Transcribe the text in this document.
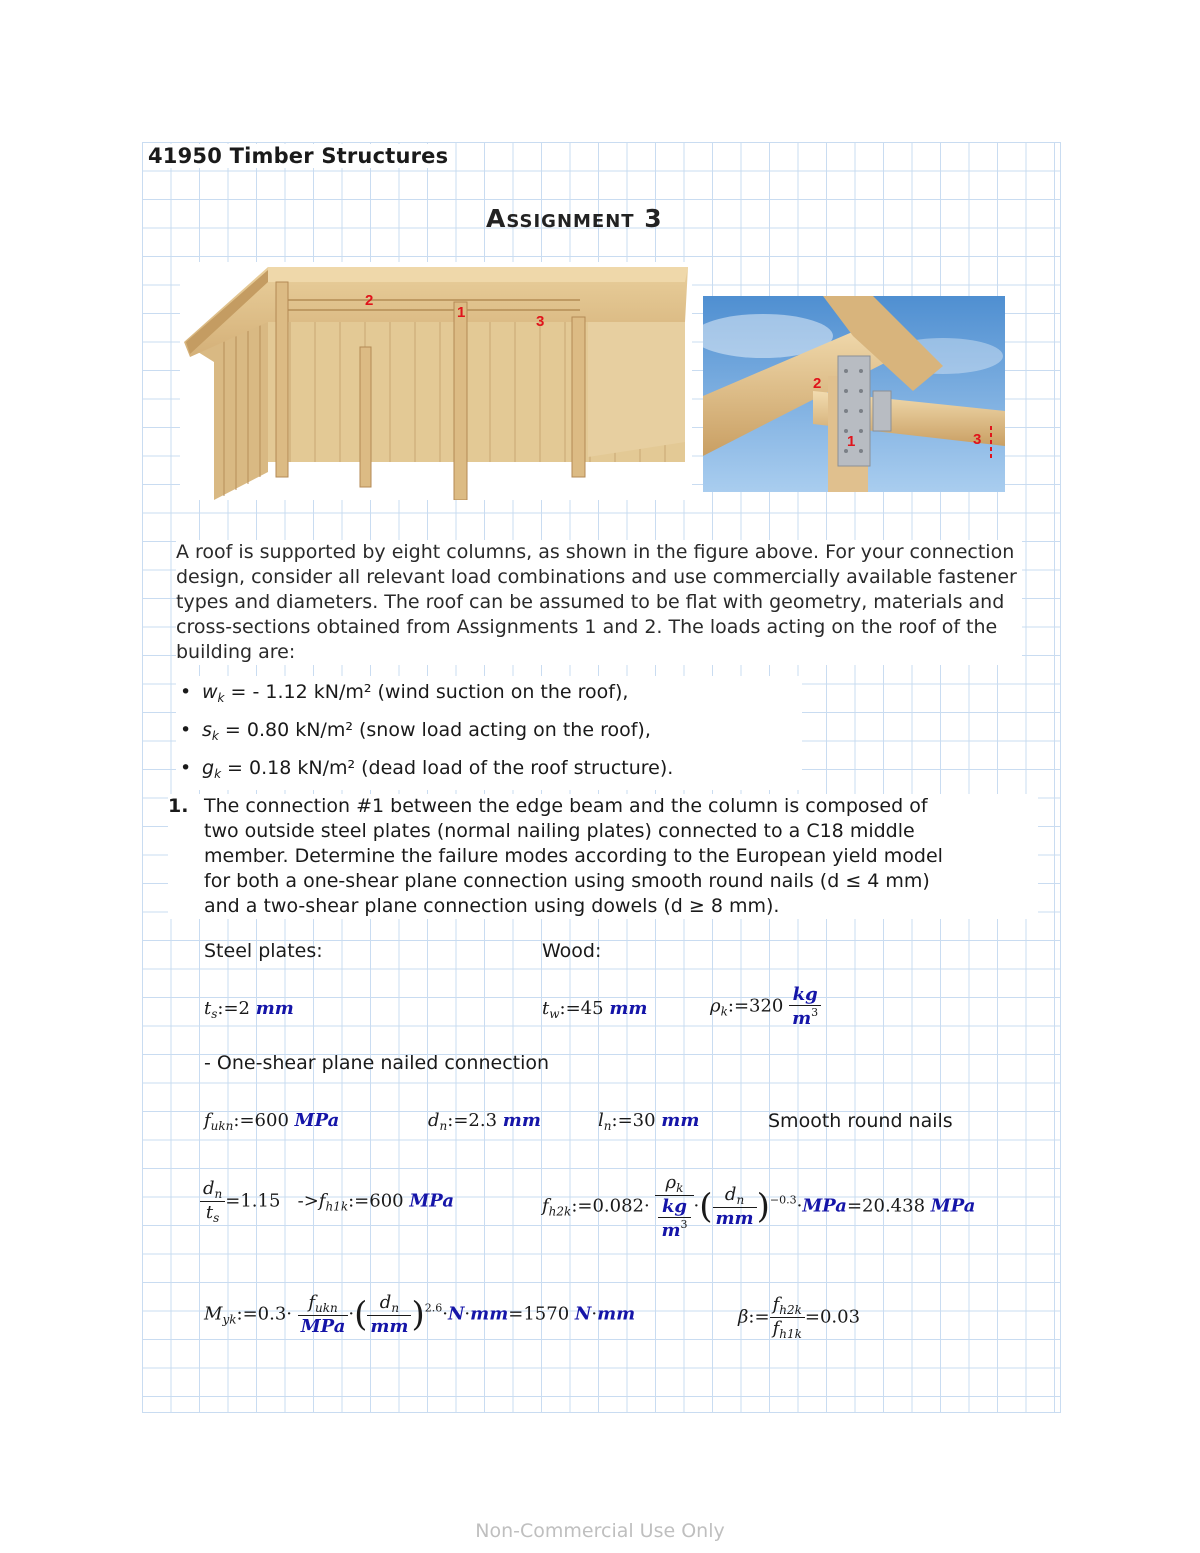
41950 Timber Structures
Assignment 3
2
1
3
2
1	3
A roof is supported by eight columns, as shown in the figure above. For your connection design, consider all relevant load combinations and use commercially available fastener types and diameters. The roof can be assumed to be flat with geometry, materials and cross-sections obtained from Assignments 1 and 2. The loads acting on the roof of the building are:
• $w_k$ = - 1.12 kN/m² (wind suction on the roof),
• $s_k = 0.80$ kN/m² (snow load acting on the roof),
• $g_k = 0.18$ kN/m² (dead load of the roof structure).
1. The connection #1 between the edge beam and the column is composed of
two outside steel plates (normal nailing plates) connected to a C18 middle
member. Determine the failure modes according to the European yield model
for both a one-shear plane connection using smooth round nails (d ≤ 4 mm)
and a two-shear plane connection using dowels (d ≥ 8 mm).
Steel plates:	Wood:
$t_s:=2$ mm	$t_w:=45$ mm	$\rho_k:=320 \frac{kg}{m^3}$
- One-shear plane nailed connection
$f_{ukn}:=600$ MPa	$d_n:=2.3$ mm	$l_n:=30$ mm	Smooth round nails
$\frac{d_n}{t_s} =1.15$ $->f_{h1k}:=600$ MPa	$f_{h2k}:=0.082\cdot \frac{\rho_k}{\frac{kg}{m^3}}$ ·( $\frac{d_n}{mm} )^{-0.3}\cdot MPa=20.438$ MPa
$M_{yk}:=0.3\cdot \frac{f_{ukn}}{\text{MPa}}$ ·( $\frac{d_n}{mm} )^{2.6}\cdot N\cdot mm=1570$ N·mm	β:= $\frac{f_{h2k}}{f_{h1k}} =0.03$
Non-Commercial Use Only
